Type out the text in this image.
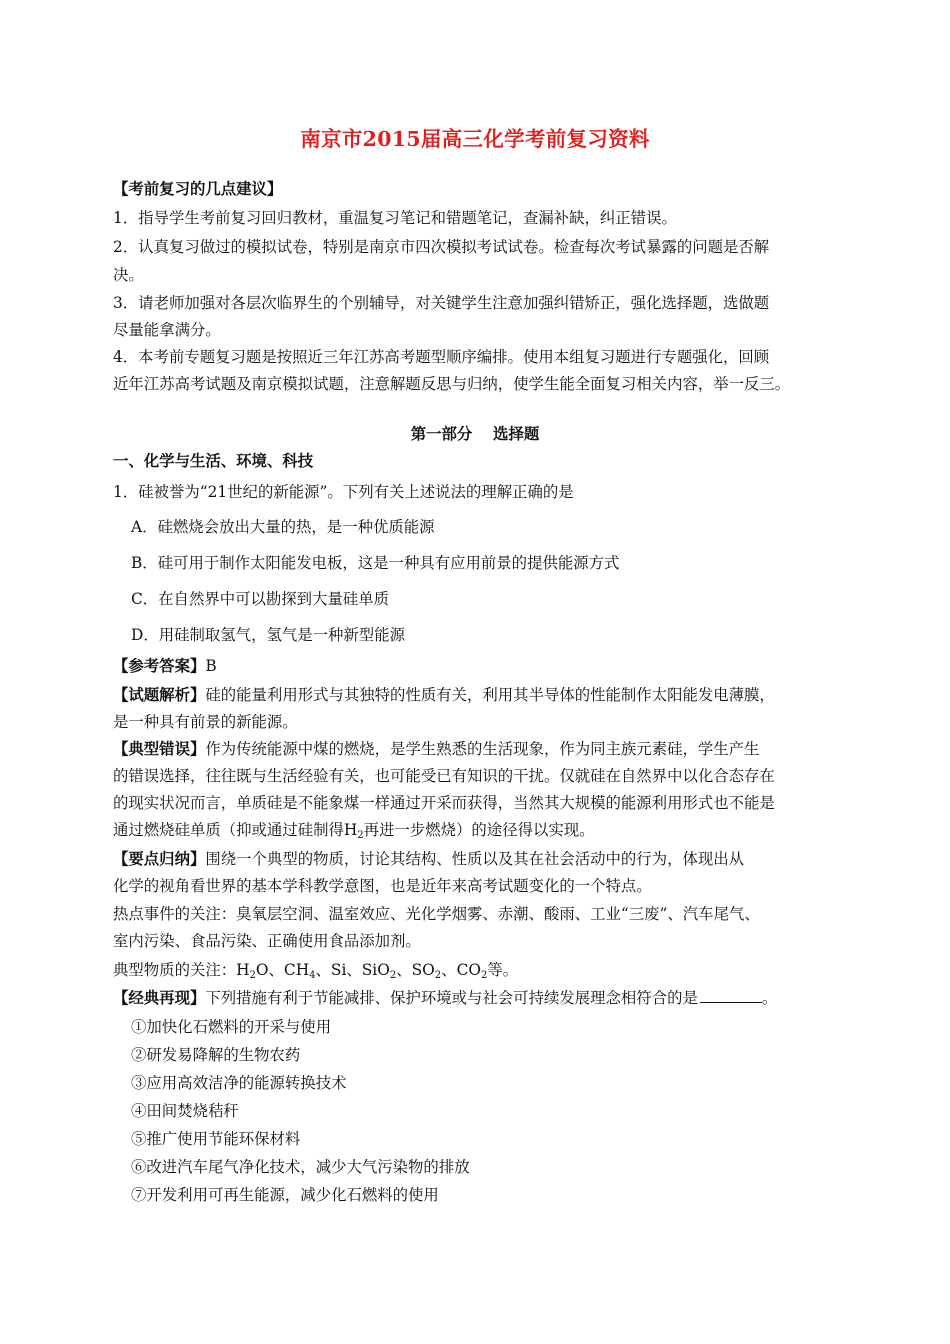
南京市2015届高三化学考前复习资料
【考前复习的几点建议】
1．指导学生考前复习回归教材，重温复习笔记和错题笔记，查漏补缺，纠正错误。
2．认真复习做过的模拟试卷，特别是南京市四次模拟考试试卷。检查每次考试暴露的问题是否解
决。
3．请老师加强对各层次临界生的个别辅导，对关键学生注意加强纠错矫正，强化选择题，选做题
尽量能拿满分。
4．本考前专题复习题是按照近三年江苏高考题型顺序编排。使用本组复习题进行专题强化，回顾
近年江苏高考试题及南京模拟试题，注意解题反思与归纳，使学生能全面复习相关内容，举一反三。
第一部分　 选择题
一、化学与生活、环境、科技
1．硅被誉为“21世纪的新能源”。下列有关上述说法的理解正确的是
A．硅燃烧会放出大量的热，是一种优质能源
B．硅可用于制作太阳能发电板，这是一种具有应用前景的提供能源方式
C．在自然界中可以勘探到大量硅单质
D．用硅制取氢气，氢气是一种新型能源
【参考答案】B
【试题解析】硅的能量利用形式与其独特的性质有关，利用其半导体的性能制作太阳能发电薄膜，
是一种具有前景的新能源。
【典型错误】作为传统能源中煤的燃烧，是学生熟悉的生活现象，作为同主族元素硅，学生产生
的错误选择，往往既与生活经验有关，也可能受已有知识的干扰。仅就硅在自然界中以化合态存在
的现实状况而言，单质硅是不能象煤一样通过开采而获得，当然其大规模的能源利用形式也不能是
通过燃烧硅单质（抑或通过硅制得$H_2$再进一步燃烧）的途径得以实现。
【要点归纳】围绕一个典型的物质，讨论其结构、性质以及其在社会活动中的行为，体现出从
化学的视角看世界的基本学科教学意图，也是近年来高考试题变化的一个特点。
热点事件的关注：臭氧层空洞、温室效应、光化学烟雾、赤潮、酸雨、工业“三废”、汽车尾气、
室内污染、食品污染、正确使用食品添加剂。
典型物质的关注：$H_2O$、$CH_4$、Si、SiO$_2$、$SO_2$、$CO_2$等。
【经典再现】下列措施有利于节能减排、保护环境或与社会可持续发展理念相符合的是	。
①加快化石燃料的开采与使用
②研发易降解的生物农药
③应用高效洁净的能源转换技术
④田间焚烧秸秆
⑤推广使用节能环保材料
⑥改进汽车尾气净化技术，减少大气污染物的排放
⑦开发利用可再生能源，减少化石燃料的使用
